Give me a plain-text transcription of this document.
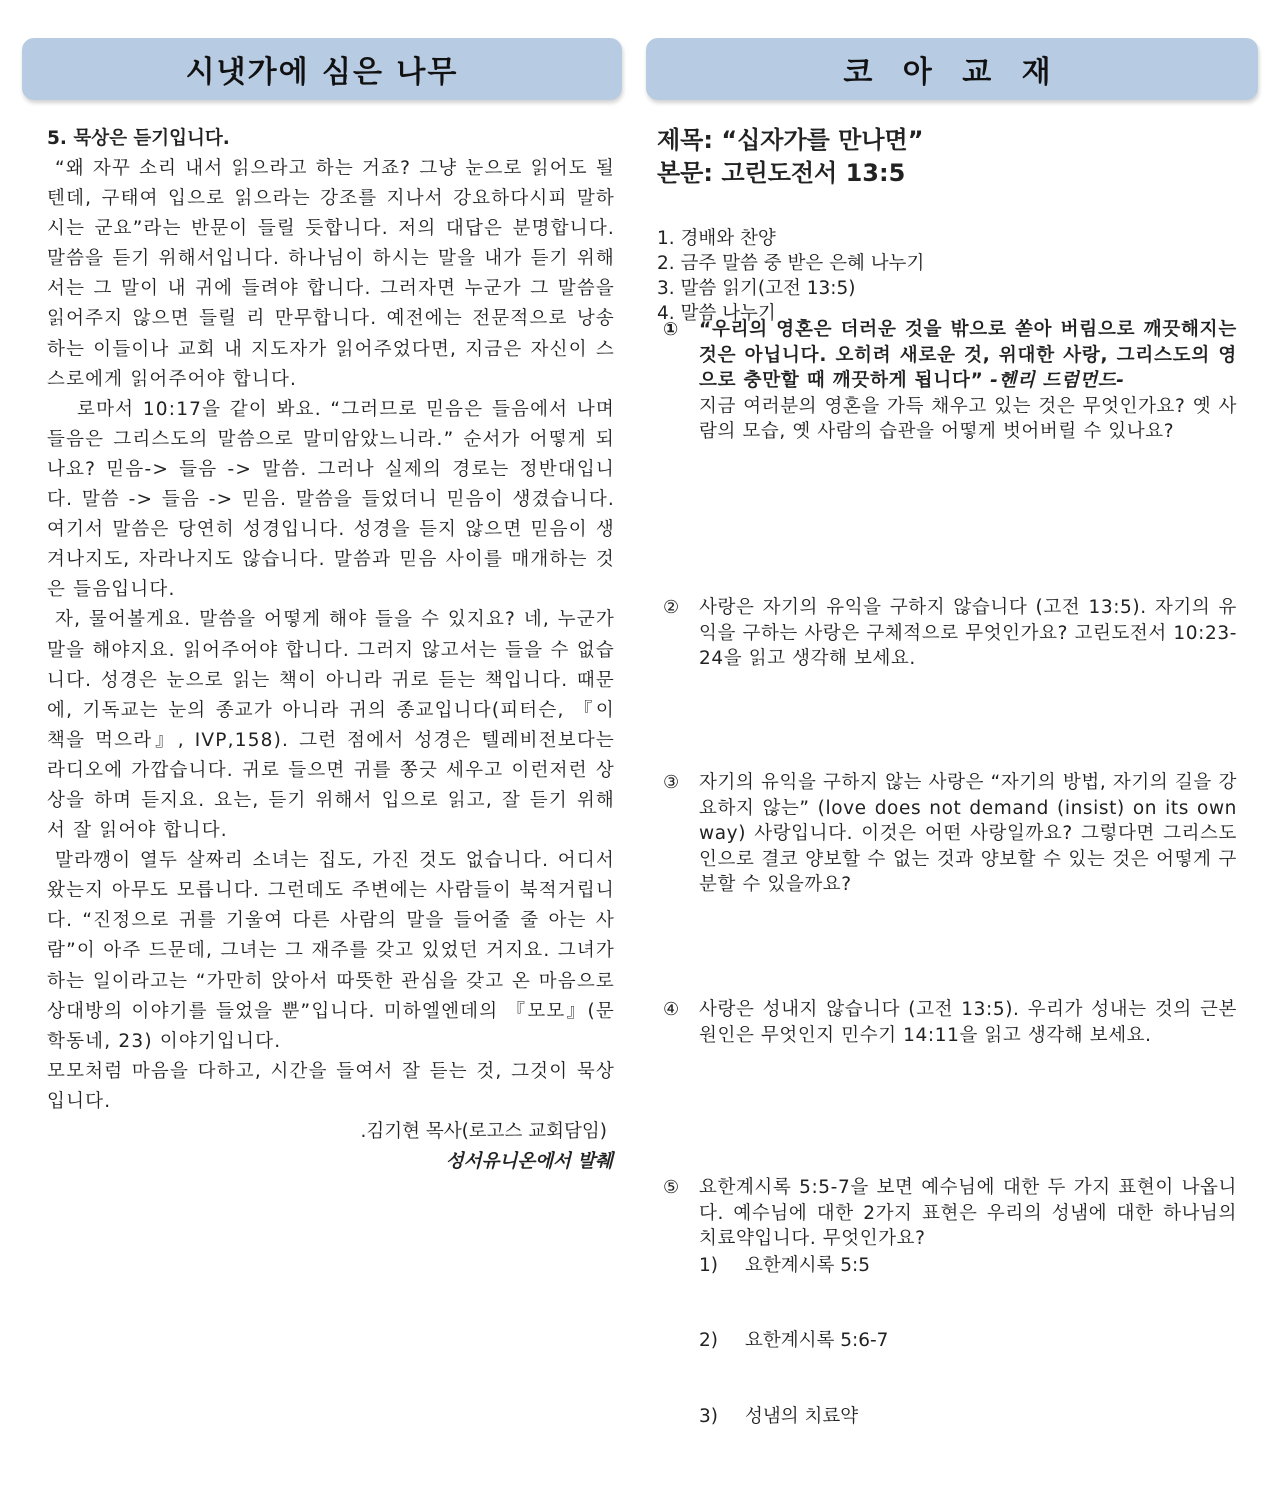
시냇가에 심은 나무	코 아 교 재
5. 묵상은 듣기입니다.

“왜 자꾸 소리 내서 읽으라고 하는 거죠? 그냥 눈으로 읽어도 될 텐데, 구태여 입으로 읽으라는 강조를 지나서 강요하다시피 말하시는 군요”라는 반문이 들릴 듯합니다. 저의 대답은 분명합니다. 말씀을 듣기 위해서입니다. 하나님이 하시는 말을 내가 듣기 위해서는 그 말이 내 귀에 들려야 합니다. 그러자면 누군가 그 말씀을 읽어주지 않으면 들릴 리 만무합니다. 예전에는 전문적으로 낭송하는 이들이나 교회 내 지도자가 읽어주었다면, 지금은 자신이 스스로에게 읽어주어야 합니다.

로마서 10:17을 같이 봐요. “그러므로 믿음은 들음에서 나며 들음은 그리스도의 말씀으로 말미암았느니라.” 순서가 어떻게 되나요? 믿음-> 들음 -> 말씀. 그러나 실제의 경로는 정반대입니다. 말씀 -> 들음 -> 믿음. 말씀을 들었더니 믿음이 생겼습니다. 여기서 말씀은 당연히 성경입니다. 성경을 듣지 않으면 믿음이 생겨나지도, 자라나지도 않습니다. 말씀과 믿음 사이를 매개하는 것은 들음입니다.

자, 물어볼게요. 말씀을 어떻게 해야 들을 수 있지요? 네, 누군가 말을 해야지요. 읽어주어야 합니다. 그러지 않고서는 들을 수 없습니다. 성경은 눈으로 읽는 책이 아니라 귀로 듣는 책입니다. 때문에, 기독교는 눈의 종교가 아니라 귀의 종교입니다(피터슨, 『이 책을 먹으라』, IVP,158). 그런 점에서 성경은 텔레비전보다는 라디오에 가깝습니다. 귀로 들으면 귀를 쫑긋 세우고 이런저런 상상을 하며 듣지요. 요는, 듣기 위해서 입으로 읽고, 잘 듣기 위해서 잘 읽어야 합니다.

말라깽이 열두 살짜리 소녀는 집도, 가진 것도 없습니다. 어디서 왔는지 아무도 모릅니다. 그런데도 주변에는 사람들이 북적거립니다. “진정으로 귀를 기울여 다른 사람의 말을 들어줄 줄 아는 사람”이 아주 드문데, 그녀는 그 재주를 갖고 있었던 거지요. 그녀가 하는 일이라고는 “가만히 앉아서 따뜻한 관심을 갖고 온 마음으로 상대방의 이야기를 들었을 뿐”입니다. 미하엘엔데의 『모모』(문학동네, 23) 이야기입니다.

모모처럼 마음을 다하고, 시간을 들여서 잘 듣는 것, 그것이 묵상입니다.

.김기현 목사(로고스 교회담임)
성서유니온에서 발췌
제목: “십자가를 만나면”
본문: 고린도전서 13:5
1. 경배와 찬양
2. 금주 말씀 중 받은 은혜 나누기
3. 말씀 읽기(고전 13:5)
4. 말씀 나누기
① “우리의 영혼은 더러운 것을 밖으로 쏟아 버림으로 깨끗해지는 것은 아닙니다. 오히려 새로운 것, 위대한 사랑, 그리스도의 영으로 충만할 때 깨끗하게 됩니다” -헨리 드럼먼드-
지금 여러분의 영혼을 가득 채우고 있는 것은 무엇인가요? 옛 사람의 모습, 옛 사람의 습관을 어떻게 벗어버릴 수 있나요?
② 사랑은 자기의 유익을 구하지 않습니다 (고전 13:5). 자기의 유익을 구하는 사랑은 구체적으로 무엇인가요? 고린도전서 10:23-24을 읽고 생각해 보세요.
③ 자기의 유익을 구하지 않는 사랑은 “자기의 방법, 자기의 길을 강요하지 않는” (love does not demand (insist) on its own way) 사랑입니다. 이것은 어떤 사랑일까요? 그렇다면 그리스도인으로 결코 양보할 수 없는 것과 양보할 수 있는 것은 어떻게 구분할 수 있을까요?
④ 사랑은 성내지 않습니다 (고전 13:5). 우리가 성내는 것의 근본 원인은 무엇인지 민수기 14:11을 읽고 생각해 보세요.
⑤ 요한계시록 5:5-7을 보면 예수님에 대한 두 가지 표현이 나옵니다. 예수님에 대한 2가지 표현은 우리의 성냄에 대한 하나님의 치료약입니다. 무엇인가요?
1) 요한계시록 5:5
2) 요한계시록 5:6-7
3) 성냄의 치료약
